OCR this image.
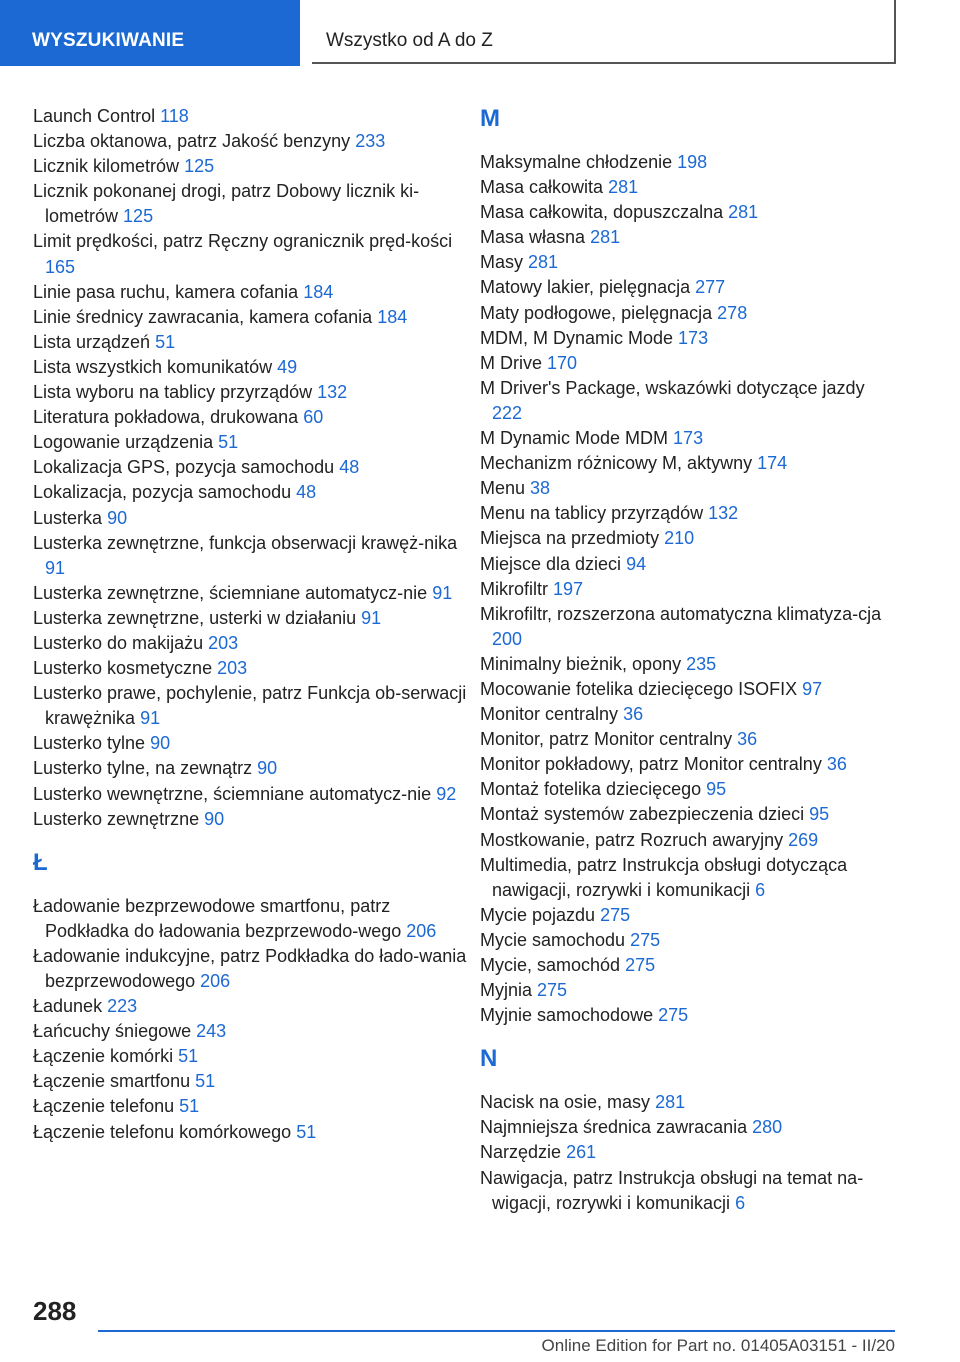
WYSZUKIWANIE	Wszystko od A do Z

Launch Control 118

Liczba oktanowa, patrz Jakość benzyny 233

Licznik kilometrów 125

Licznik pokonanej drogi, patrz Dobowy licznik ki-lometrów 125

Limit prędkości, patrz Ręczny ogranicznik pręd-kości 165

Linie pasa ruchu, kamera cofania 184

Linie średnicy zawracania, kamera cofania 184

Lista urządzeń 51

Lista wszystkich komunikatów 49

Lista wyboru na tablicy przyrządów 132

Literatura pokładowa, drukowana 60

Logowanie urządzenia 51

Lokalizacja GPS, pozycja samochodu 48

Lokalizacja, pozycja samochodu 48

Lusterka 90

Lusterka zewnętrzne, funkcja obserwacji krawęż-nika 91

Lusterka zewnętrzne, ściemniane automatycz-nie 91

Lusterka zewnętrzne, usterki w działaniu 91

Lusterko do makijażu 203

Lusterko kosmetyczne 203

Lusterko prawe, pochylenie, patrz Funkcja ob-serwacji krawężnika 91

Lusterko tylne 90

Lusterko tylne, na zewnątrz 90

Lusterko wewnętrzne, ściemniane automatycz-nie 92

Lusterko zewnętrzne 90

Ł

Ładowanie bezprzewodowe smartfonu, patrz Podkładka do ładowania bezprzewodo-wego 206

Ładowanie indukcyjne, patrz Podkładka do łado-wania bezprzewodowego 206

Ładunek 223

Łańcuchy śniegowe 243

Łączenie komórki 51

Łączenie smartfonu 51

Łączenie telefonu 51

Łączenie telefonu komórkowego 51

M

Maksymalne chłodzenie 198

Masa całkowita 281

Masa całkowita, dopuszczalna 281

Masa własna 281

Masy 281

Matowy lakier, pielęgnacja 277

Maty podłogowe, pielęgnacja 278

MDM, M Dynamic Mode 173

M Drive 170

M Driver's Package, wskazówki dotyczące jazdy 222

M Dynamic Mode MDM 173

Mechanizm różnicowy M, aktywny 174

Menu 38

Menu na tablicy przyrządów 132

Miejsca na przedmioty 210

Miejsce dla dzieci 94

Mikrofiltr 197

Mikrofiltr, rozszerzona automatyczna klimatyza-cja 200

Minimalny bieżnik, opony 235

Mocowanie fotelika dziecięcego ISOFIX 97

Monitor centralny 36

Monitor, patrz Monitor centralny 36

Monitor pokładowy, patrz Monitor centralny 36

Montaż fotelika dziecięcego 95

Montaż systemów zabezpieczenia dzieci 95

Mostkowanie, patrz Rozruch awaryjny 269

Multimedia, patrz Instrukcja obsługi dotycząca nawigacji, rozrywki i komunikacji 6

Mycie pojazdu 275

Mycie samochodu 275

Mycie, samochód 275

Myjnia 275

Myjnie samochodowe 275

N

Nacisk na osie, masy 281

Najmniejsza średnica zawracania 280

Narzędzie 261

Nawigacja, patrz Instrukcja obsługi na temat na-wigacji, rozrywki i komunikacji 6

288
Online Edition for Part no. 01405A03151 - II/20
